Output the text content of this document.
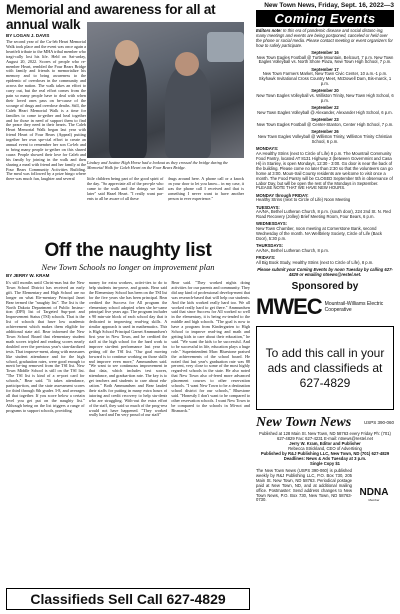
New Town News, Friday, Sept. 16, 2022—3
Memorial and awareness for all at annual walk
BY LOGAN J. DAVIS
The second year of the Cu-leb Heart Memorial Walk took place and the event was once again a heartfelt tribute to the MHA tribal member who tragi-cally lost his life. Held on Sat-urday, August 20, 2022. Scores of people who re-member Heart, rembled the Four Bears Bridge with family and friends to memorialize his memory and to bring awareness to the epidemic of overdoses in the community and across the nation. The walk takes an effort to carry out, but the real effort comes from the pain so many people have to deal with when their loved ones pass on be-cause of the scourge of drugs and overdose deaths. Still, the Caleb Heart Memorial Walk is a time for families to come to-gether and heal together and for those in need of support them to find the peace they need in their hearts. The Caleb Heart Memorial Walk began last year with friend Heart of Four Bears (Appeal) putting together her own spe-cial effort to create an annual event to remember her son Ca-leb and to bring many people to-gether on this shared cause. People showed their love for Caleb and his family by joining in the walk and then sharing a meal with friend and her family at the Four Bears Community Activities Building. The meal was followed by a prize bingo where there was much fun, laughter and several
Lindsey and Justine High Horse had a lookout as they crossed the bridge during the Memorial Walk for Caleb Heart on the Four Bears Bridge.
little children being part of the good spirit of the day. "So appreciate all of the peo-ple who came to the walk and the doings we had later" said Hazel Heart. "I really want par-ents to all be aware of all these
drugs around here. A phone call or a knock on your door to let you know... in my case, it was the phone call I received and that is something I never want to have another person to ever experience."
Off the naughty list
New Town Schools no longer on improvement plan
BY JERRY W. KRAM
It's still months until Christ-mas but the New Town School District has received an early gift. The Elementary and High School are no longer on what Ele-mentary Principal Janet Bear termed the "naughty list". The list is the North Dakota Department of Public Instruc-tion (DPI) list of Targeted Sup-port and Improvement Status (TSI) schools. That is the list of schools that have low academic achievement which makes them eligible for additional state aid. Bear informed the New Town School Board that elementary student math scores tripled and reading scores nearly doubled over the previous year's stan-dardized tests. That improve-ment, along with measures like student attendance and for the high school, graduation rates, were good enough to merit be-ing removed from the TSI list. New Town Middle School is still on the TSI list. "The TSI list is kind of a re-port card for schools," Bear said. "It takes attendance, participa-tion, and the state assessment scores for third through 8th grades 3-8, and averages all that together. If you score below a certain level you get put on the naughty list." Although being on the list triggers a range of programs to support schools, providing
money for extra workers, activi-ties to do to help students im-prove, and grants. Bear said the Elementary School has been on the TSI list for the five years she has been principal. Bear credited the Success for All program the elementary school adopted when she be-came principal five years ago. The program includes a 90 min-ute block of each school day that is dedicated to improving read-ing skills. A similar approach is used in mathematics. This is High School Principal Garnet Ammundsen's first year in New Town, and he credited the staff at the high school for the hard work to improve stu-dent performance last year for getting off the TSI list. "Our goal moving forward is to continue working on those skills and improve even more," Ammundsen said. "We want to see continuous improvement in that data, which includes test scores, attendance, and gradua-tion rate. The key is to get teachers and students to care about edu-cation." Both Ammundsen and Bear lauded their staffs for putting in many extra hours of tutoring and credit recovery to help stu-dents who are struggling. With-out the extra effort of the staff, they said so much of the prog-ress would not have happened. "They worked really hard and I'm very proud of our staff"
Bear said. "They worked nights doing activities for our parents and community. They did any kind of professional develop-ment that was research-based that will help our students. And the kids worked really hard too. We all worked really hard to get there." Ammundsen said that since Success for All worked so well in the elementary, it is being ex-tended to the middle and high schools. "The goal is now to have a program from Kindergarten to High School to improve read-ing and math and getting kids to care about their education," he said. "We want the kids to be successful. And to be successful in life, education plays a huge role." Superintendent Marc Bluestone praised the achievements of the school board. He noted that last year's graduation rate was 88 percent, very close to some of the most highly regard-ed schools in the state. He also noted that New Town also of-fered more advanced placement courses to other reservation schools. "I want New Town to be a destination school district for our schools," Bluestone said. "Honestly I don't want to be compared to other reservation schools. I want New Town to be compared to the schools in Mi-not and Bismarck."
Classifieds Sell Call 627-4829
Coming Events
Editors note: In this era of pandemic disease and social distanc-ing, many meetings and events are being postponed, canceled or held over the phone or social media. Please contact meeting or event organizers for how to safely participate.
September 16
New Town Eagles Football @ Turtle Mountain, Belcourt, 7 p.m. New Town Eagles Volleyball vs. North Shore Plaza, New Town High School, 7 p.m.
September 17
New Town Farmers Market, New Town Civic Center, 10 a.m.-1 p.m. Skyhawk Invitational Cross Country Meet, McDowell Dam, Bis-marck, 1 p.m.
September 20
New Town Eagles Volleyball vs. Williston Trinity, New Town High School, 6 p.m.
September 22
New Town Eagles Volleyball @ Alexander, Alexander High School, 6 p.m.
September 23
New Town Eagles Football @ Center-Stanton, Center High School, 7 p.m.
September 26
New Town Eagles Volleyball @ Williston Trinity, Williston Trinity Christian School, 6 p.m.
MONDAYS:
AA Healthy Strins (next to Circle of Life) 8 p.m. The Mountrail Community Food Pantry, located AT 8131 Highway 2 (between Governmint and Casa Hi) in Stanley, is open Mondays, 12:30 - 3:00. Go door is near the back of the building. Please come no later than 2:30 so that the volunteers can go home at 3:00. Moun-trail County residents are welcome to visit once a month. The Food Pantry will be CLOSED September 5th in observance of Labor Day, but will be open the rest of the Mondays in September. PLEASE NOTE THAT WE HAVE NEW HOURS.
MONDAY through FRIDAY:
Healthy Strins (next to Circle of Life) Noon Meeting
TUESDAYS:
AA/NA, Bethel Lutheran Church, 8 p.m. (south door), 224 2nd St. N. Red Road Recovery (Jolley) Brief Meeting Room, Four Bears, 6 p.m.
WEDNESDAYS:
New Town Chamber, noon meeting at Cornerstone Bank, second Wednesday of the month. NA Wellbriety Society, Circle of Life (Back Door), 5:30 p.m.
THURSDAYS:
AA/NA, Bethel Lutheran Church, 8 p.m.
FRIDAYS:
All Big Book Study, Healthy Strins (next to Circle of Life), 8 p.m.
Please submit your Coming Events by noon Tuesday by calling 627-4829 or emailing ntnews@restel.net.
Sponsored by
MWEC Mountrail-Williams Electric Cooperative
To add this call in your ads and classifieds at 627-4829
New Town News	USPS 390-060
Published at 128 Main St. New Town, ND 58763 every Friday Ph: (701) 627-4829 Fax: 627-4231 E-mail: ntnews@restel.net
Jerry W. Kram, Editor and Publisher
Rebecca Strickland, CEO of Advertising
Published by R&J Publishing LLC, New Town, ND (701) 627-4829
Deadlines: News & Ads Tuesday at 3 p.m.
Single Copy $1
The New Town News (USPS 390-060) is published weekly by R&J Publishing LLC, P.O. Box 730, 205 Main St. New Town, ND 58763. Periodical postage paid at New Town, ND, and at additional mailing office. Postmaster: Send address changes to New Town News, P.O. Box 730, New Town, ND 58763-0730.
NDNA
Member
